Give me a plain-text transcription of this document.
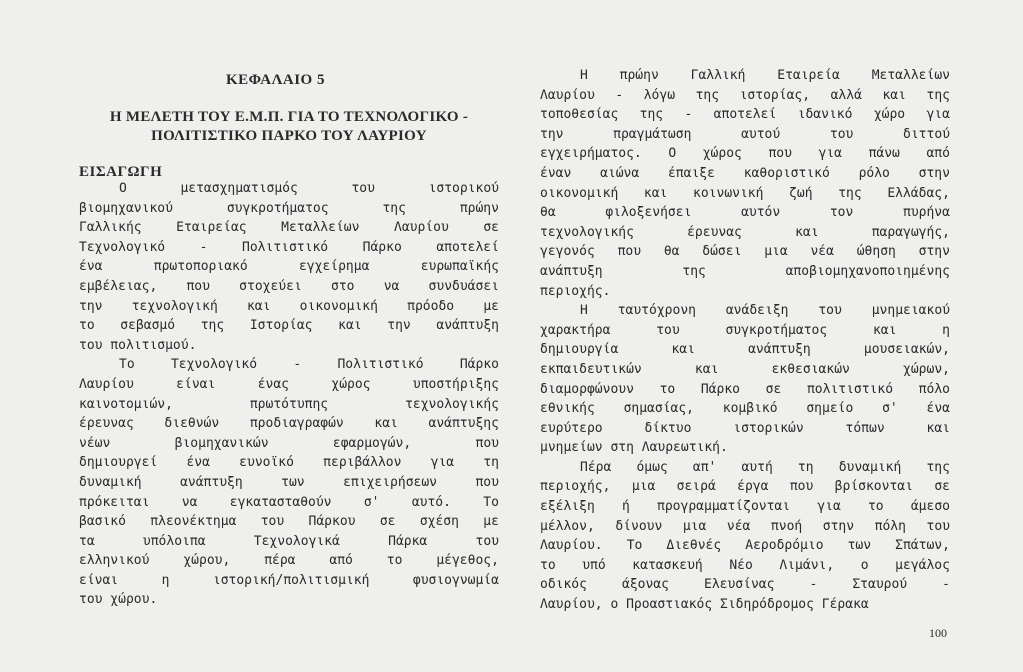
ΚΕΦΑΛΑΙΟ 5
Η ΜΕΛΕΤΗ ΤΟΥ Ε.Μ.Π. ΓΙΑ ΤΟ ΤΕΧΝΟΛΟΓΙΚΟ -
ΠΟΛΙΤΙΣΤΙΚΟ ΠΑΡΚΟ ΤΟΥ ΛΑΥΡΙΟΥ
ΕΙΣΑΓΩΓΗ
Ο	μετασχηματισμός	του	ιστορικού
βιομηχανικού	συγκροτήματος	της	πρώην
Γαλλικής	Εταιρείας	Μεταλλείων	Λαυρίου	σε
Τεχνολογικό	-	Πολιτιστικό	Πάρκο	αποτελεί
ένα	πρωτοποριακό	εγχείρημα	ευρωπαϊκής
εμβέλειας, που στοχεύει στο να συνδυάσει
την τεχνολογική και οικονομική πρόοδο με
το σεβασμό της Ιστορίας και την ανάπτυξη
του πολιτισμού.
Το	Τεχνολογικό	-	Πολιτιστικό	Πάρκο
Λαυρίου	είναι	ένας	χώρος	υποστήριξης
καινοτομιών,	πρωτότυπης	τεχνολογικής
έρευνας διεθνών προδιαγραφών και ανάπτυξης
νέων	βιομηχανικών	εφαρμογών,	που
δημιουργεί ένα ευνοϊκό περιβάλλον για τη
δυναμική	ανάπτυξη	των	επιχειρήσεων	που
πρόκειται να εγκατασταθούν σ' αυτό. Το
βασικό πλεονέκτημα του Πάρκου σε σχέση με
τα	υπόλοιπα	Τεχνολογικά	Πάρκα	του
ελληνικού	χώρου,	πέρα	από	το	μέγεθος,
είναι	η	ιστορική/πολιτισμική	φυσιογνωμία
του χώρου.
Η πρώην Γαλλική Εταιρεία Μεταλλείων
Λαυρίου - λόγω της ιστορίας, αλλά και της
τοποθεσίας της - αποτελεί ιδανικό χώρο για
την	πραγμάτωση	αυτού	του	διττού
εγχειρήματος. Ο χώρος που για πάνω από
έναν αιώνα έπαιξε καθοριστικό ρόλο στην
οικονομική και κοινωνική ζωή της Ελλάδας,
θα	φιλοξενήσει	αυτόν	τον	πυρήνα
τεχνολογικής	έρευνας	και	παραγωγής,
γεγονός που θα δώσει μια νέα ώθηση στην
ανάπτυξη	της	αποβιομηχανοποιημένης
περιοχής.
Η ταυτόχρονη ανάδειξη του μνημειακού
χαρακτήρα	του	συγκροτήματος	και	η
δημιουργία	και	ανάπτυξη	μουσειακών,
εκπαιδευτικών	και	εκθεσιακών	χώρων,
διαμορφώνουν το Πάρκο σε πολιτιστικό πόλο
εθνικής σημασίας, κομβικό σημείο σ' ένα
ευρύτερο	δίκτυο	ιστορικών	τόπων	και
μνημείων στη Λαυρεωτική.
Πέρα όμως απ' αυτή τη δυναμική της
περιοχής, μια σειρά έργα που βρίσκονται σε
εξέλιξη ή προγραμματίζονται για το άμεσο
μέλλον, δίνουν μια νέα πνοή στην πόλη του
Λαυρίου. Το Διεθνές Αεροδρόμιο των Σπάτων,
το υπό κατασκευή Νέο Λιμάνι, ο μεγάλος
οδικός	άξονας	Ελευσίνας	-	Σταυρού	-
Λαυρίου, ο Προαστιακός Σιδηρόδρομος Γέρακα
100
